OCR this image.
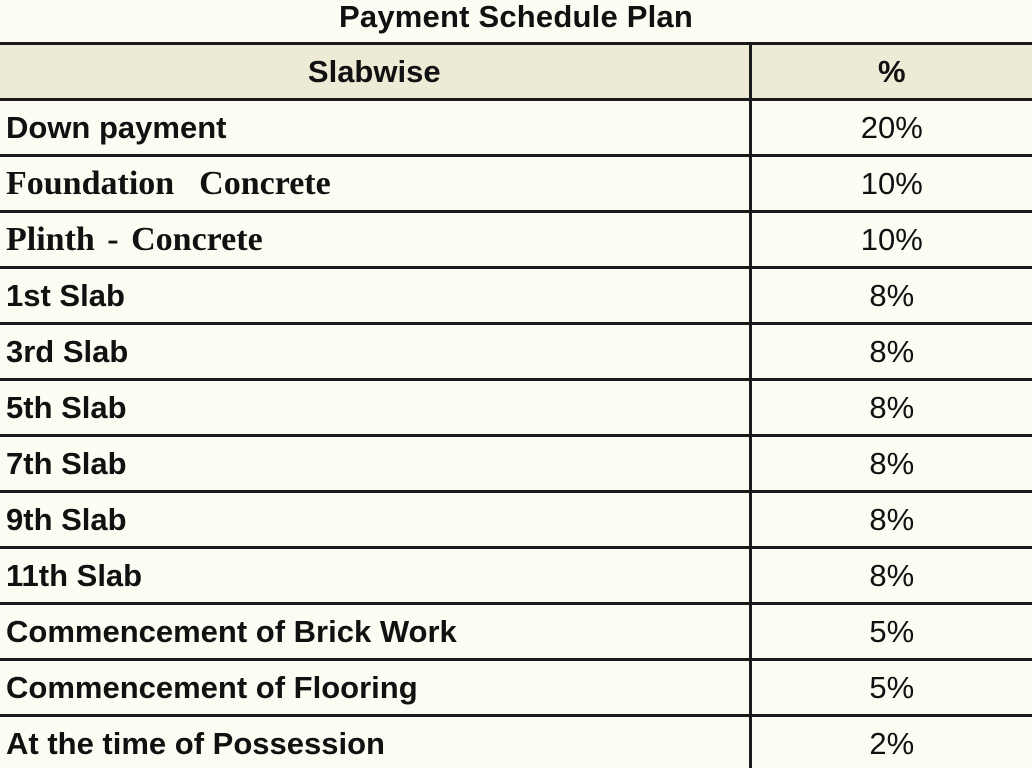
Payment Schedule Plan
Slabwise	%
Down payment	20%
Foundation  Concrete	10%
Plinth - Concrete	10%
1st Slab	8%
3rd Slab	8%
5th Slab	8%
7th Slab	8%
9th Slab	8%
11th Slab	8%
Commencement of Brick Work	5%
Commencement of Flooring	5%
At the time of Possession	2%
